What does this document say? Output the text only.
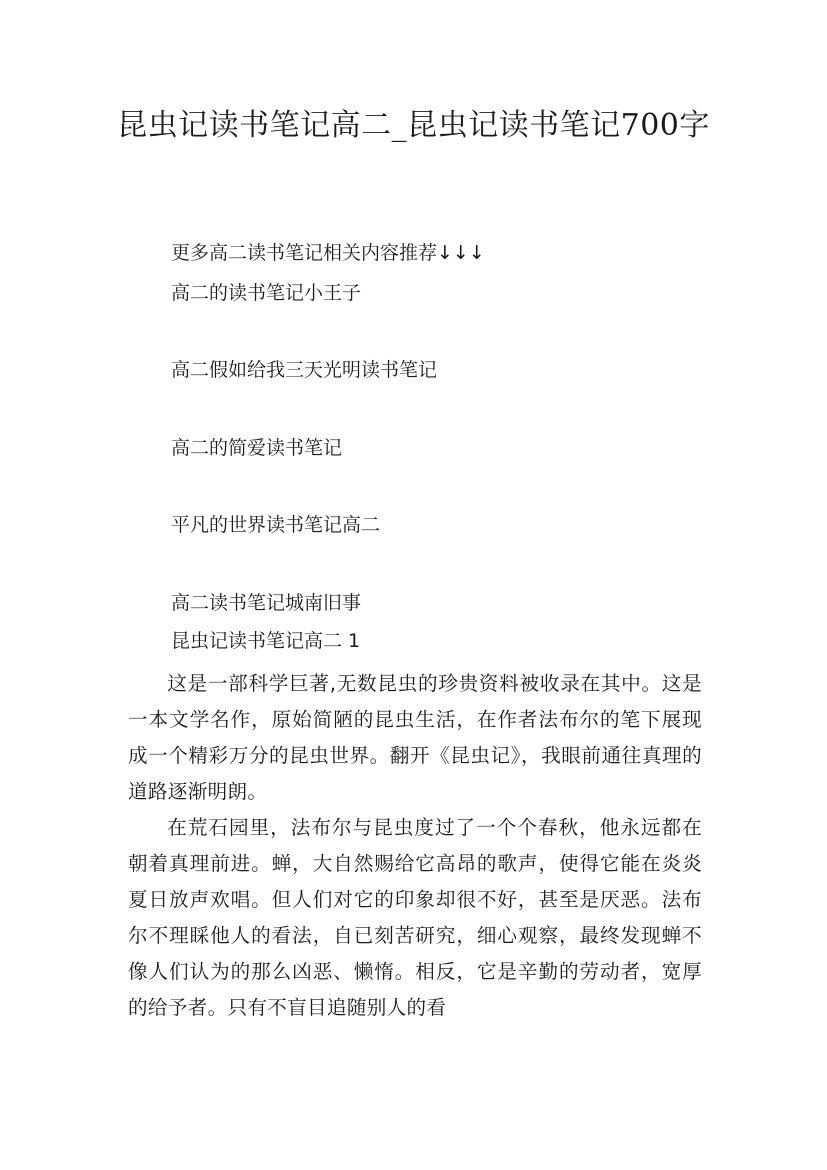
昆虫记读书笔记高二_昆虫记读书笔记700字
更多高二读书笔记相关内容推荐↓↓↓
高二的读书笔记小王子
高二假如给我三天光明读书笔记
高二的简爱读书笔记
平凡的世界读书笔记高二
高二读书笔记城南旧事
昆虫记读书笔记高二 1

这是一部科学巨著,无数昆虫的珍贵资料被收录在其中。这是一本文学名作，原始简陋的昆虫生活，在作者法布尔的笔下展现成一个精彩万分的昆虫世界。翻开《昆虫记》，我眼前通往真理的道路逐渐明朗。

在荒石园里，法布尔与昆虫度过了一个个春秋，他永远都在朝着真理前进。蝉，大自然赐给它高昂的歌声，使得它能在炎炎夏日放声欢唱。但人们对它的印象却很不好，甚至是厌恶。法布尔不理睬他人的看法，自已刻苦研究，细心观察，最终发现蝉不像人们认为的那么凶恶、懒惰。相反，它是辛勤的劳动者，宽厚的给予者。只有不盲目追随别人的看
